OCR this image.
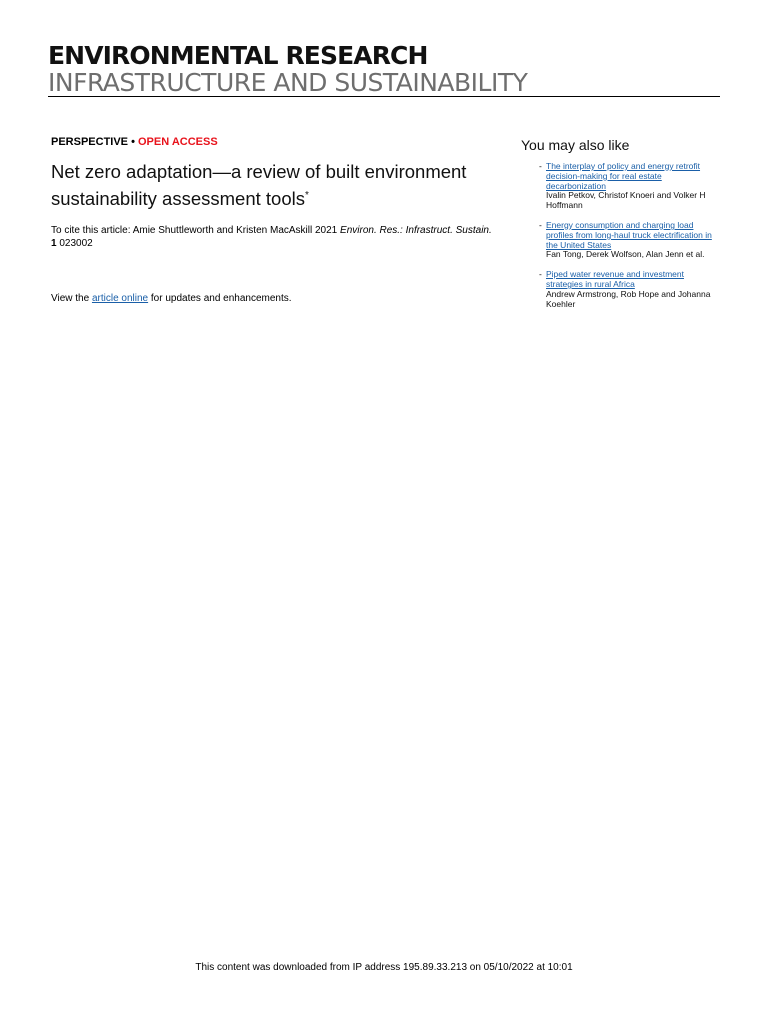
ENVIRONMENTAL RESEARCH
INFRASTRUCTURE AND SUSTAINABILITY
PERSPECTIVE • OPEN ACCESS
Net zero adaptation—a review of built environment sustainability assessment tools*
To cite this article: Amie Shuttleworth and Kristen MacAskill 2021 Environ. Res.: Infrastruct. Sustain.
1 023002
View the article online for updates and enhancements.
You may also like
- The interplay of policy and energy retrofit decision-making for real estate decarbonization
Ivalin Petkov, Christof Knoeri and Volker H Hoffmann
- Energy consumption and charging load profiles from long-haul truck electrification in the United States
Fan Tong, Derek Wolfson, Alan Jenn et al.
- Piped water revenue and investment strategies in rural Africa
Andrew Armstrong, Rob Hope and Johanna Koehler
This content was downloaded from IP address 195.89.33.213 on 05/10/2022 at 10:01
